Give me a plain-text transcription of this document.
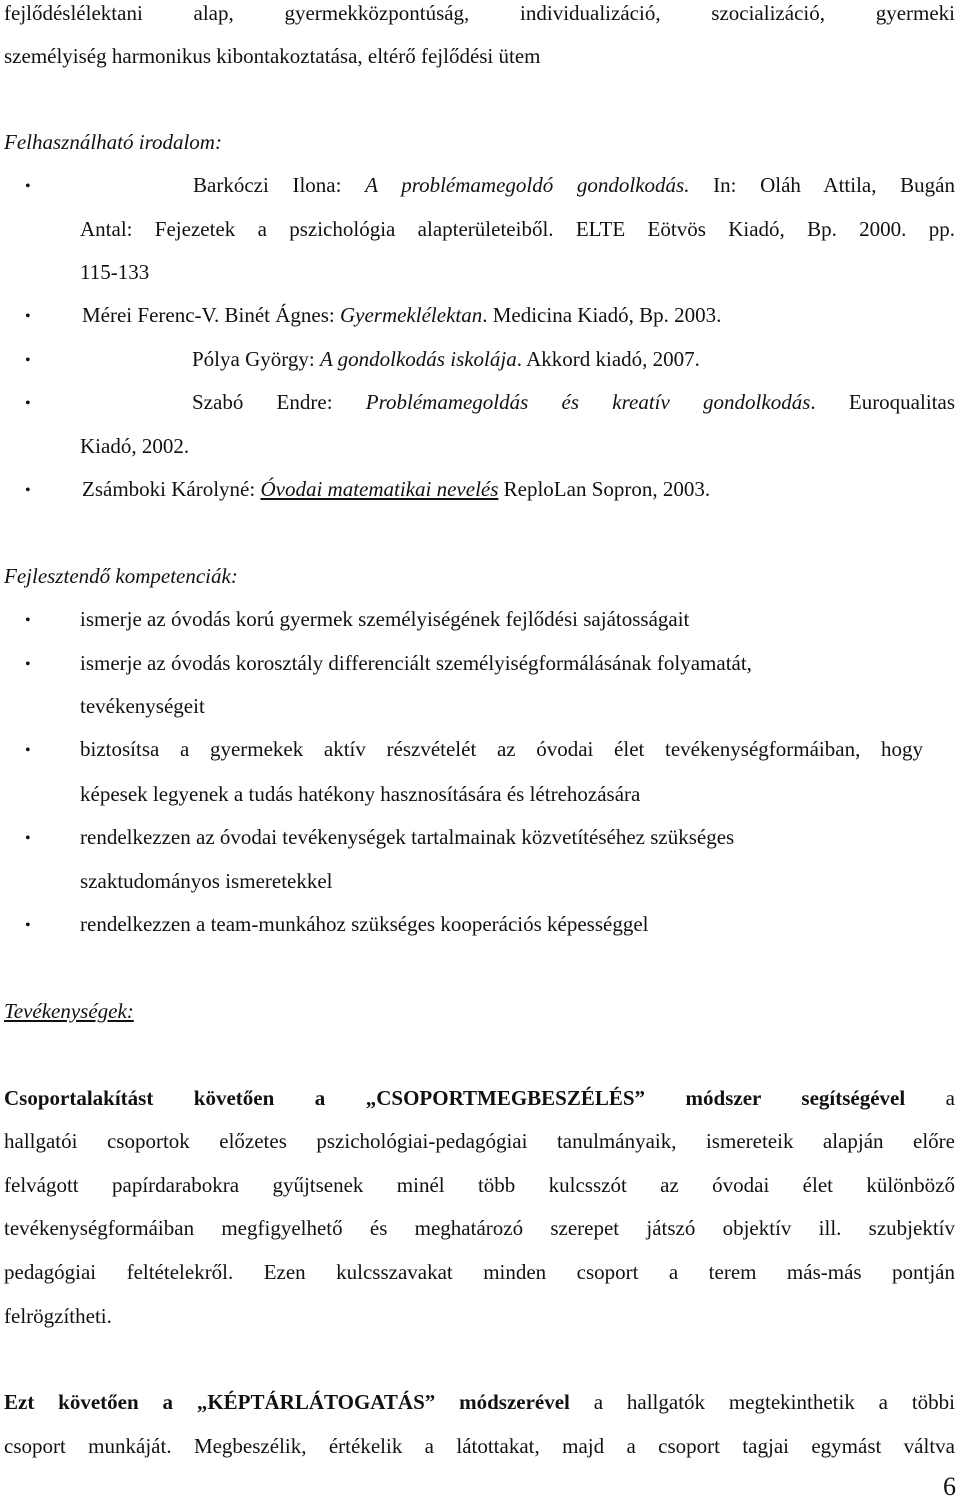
fejlődéslélektani alap, gyermekközpontúság, individualizáció, szocializáció, gyermeki
személyiség harmonikus kibontakoztatása, eltérő fejlődési ütem
Felhasználható irodalom:
•	Barkóczi Ilona: A problémamegoldó gondolkodás. In: Oláh Attila, Bugán
Antal: Fejezetek a pszichológia alapterületeiből. ELTE Eötvös Kiadó, Bp. 2000. pp.
115-133
• Mérei Ferenc-V. Binét Ágnes: Gyermeklélektan. Medicina Kiadó, Bp. 2003.
•	Pólya György: A gondolkodás iskolája. Akkord kiadó, 2007.
•	Szabó Endre: Problémamegoldás és kreatív gondolkodás. Euroqualitas
Kiadó, 2002.
• Zsámboki Károlyné: Óvodai matematikai nevelés ReploLan Sopron, 2003.
Fejlesztendő kompetenciák:
• ismerje az óvodás korú gyermek személyiségének fejlődési sajátosságait
• ismerje az óvodás korosztály differenciált személyiségformálásának folyamatát,
tevékenységeit
• biztosítsa a gyermekek aktív részvételét az óvodai élet tevékenységformáiban, hogy
képesek legyenek a tudás hatékony hasznosítására és létrehozására
• rendelkezzen az óvodai tevékenységek tartalmainak közvetítéséhez szükséges
szaktudományos ismeretekkel
• rendelkezzen a team-munkához szükséges kooperációs képességgel
Tevékenységek:
Csoportalakítást követően a „CSOPORTMEGBESZÉLÉS” módszer segítségével a
hallgatói csoportok előzetes pszichológiai-pedagógiai tanulmányaik, ismereteik alapján előre
felvágott papírdarabokra gyűjtsenek minél több kulcsszót az óvodai élet különböző
tevékenységformáiban megfigyelhető és meghatározó szerepet játszó objektív ill. szubjektív
pedagógiai feltételekről. Ezen kulcsszavakat minden csoport a terem más-más pontján
felrögzítheti.
Ezt követően a „KÉPTÁRLÁTOGATÁS” módszerével a hallgatók megtekinthetik a többi
csoport munkáját. Megbeszélik, értékelik a látottakat, majd a csoport tagjai egymást váltva
6
